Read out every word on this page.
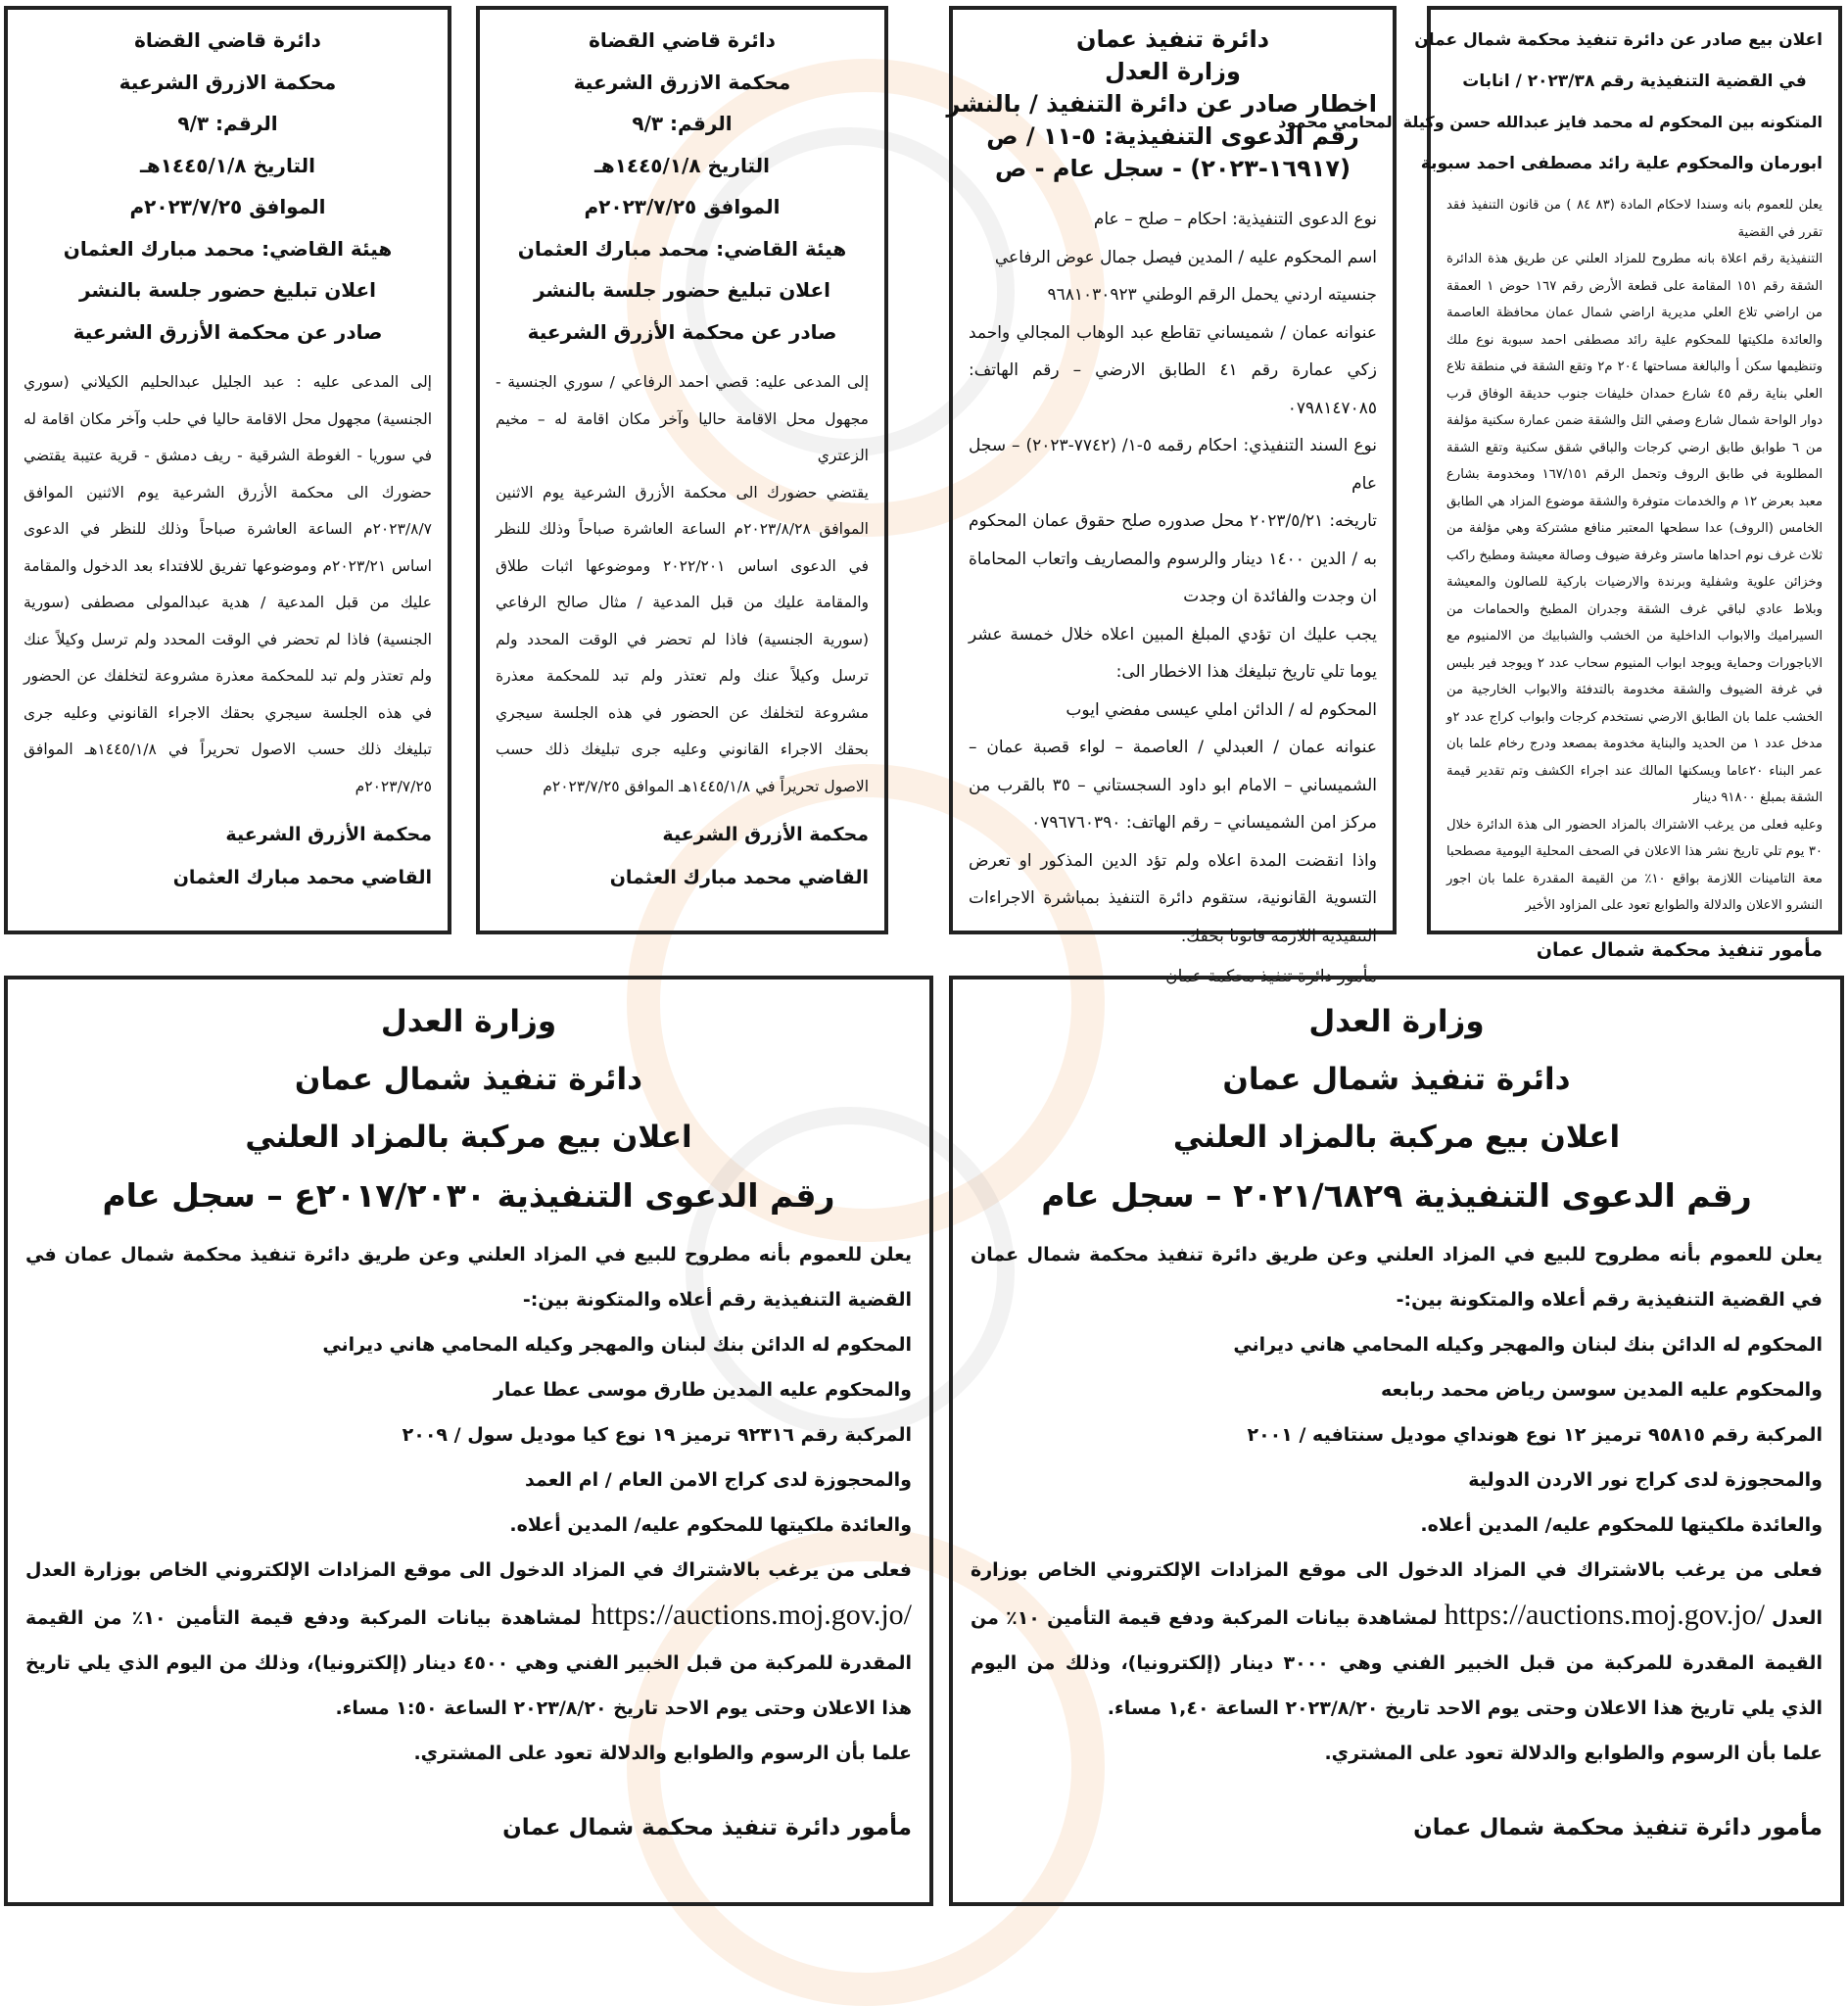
اعلان بيع صادر عن دائرة تنفيذ محكمة شمال عمان
في القضية التنفيذية رقم ٢٠٢٣/٣٨ / انابات
المتكونه بين المحكوم له محمد فايز عبدالله حسن وكيلة المحامي محمود
ابورمان والمحكوم علية رائد مصطفى احمد سبوبة

يعلن للعموم بانه وسندا لاحكام المادة (٨٣ ٨٤ ) من قانون التنفيذ فقد تقرر في القضية

التنفيذية رقم اعلاة بانه مطروح للمزاد العلني عن طريق هذة الدائرة الشقة رقم ١٥١ المقامة على قطعة الأرض رقم ١٦٧ حوض ١ العمقة من اراضي تلاع العلي مديرية اراضي شمال عمان محافظة العاصمة والعائدة ملكيتها للمحكوم علية رائد مصطفى احمد سبوبة نوع ملك وتنظيمها سكن أ والبالغة مساحتها ٢٠٤ م٢ وتقع الشقة في منطقة تلاع العلي بناية رقم ٤٥ شارع حمدان خليفات جنوب حديقة الوفاق قرب دوار الواحة شمال شارع وصفي التل والشقة ضمن عمارة سكنية مؤلفة من ٦ طوابق طابق ارضي كرجات والباقي شقق سكنية وتقع الشقة المطلوبة في طابق الروف وتحمل الرقم ١٦٧/١٥١ ومخدومة بشارع معبد بعرض ١٢ م والخدمات متوفرة والشقة موضوع المزاد هي الطابق الخامس (الروف) عدا سطحها المعتبر منافع مشتركة وهي مؤلفة من ثلاث غرف نوم احداها ماستر وغرفة ضيوف وصالة معيشة ومطبخ راكب وخزائن علوية وشفلية وبرندة والارضيات باركية للصالون والمعيشة وبلاط عادي لباقي غرف الشقة وجدران المطبخ والحمامات من السيراميك والابواب الداخلية من الخشب والشبابيك من الالمنيوم مع الاباجورات وحماية ويوجد ابواب المنيوم سحاب عدد ٢ ويوجد فير بليس في غرفة الضيوف والشقة مخدومة بالتدفئة والابواب الخارجية من الخشب علما بان الطابق الارضي نستخدم كرجات وابواب كراج عدد ٢و مدخل عدد ١ من الحديد والبناية مخدومة بمصعد ودرج رخام علما بان عمر البناء ٢٠عاما ويسكنها المالك عند اجراء الكشف وتم تقدير قيمة الشقة بمبلغ ٩١٨٠٠ دينار

وعليه فعلى من يرغب الاشتراك بالمزاد الحضور الى هذة الدائرة خلال ٣٠ يوم تلي تاريخ نشر هذا الاعلان في الصحف المحلية اليومية مصطحبا معة التامينات اللازمة بواقع ١٠٪ من القيمة المقدرة علما بان اجور النشرو الاعلان والدلالة والطوابع تعود على المزاود الأخير

مأمور تنفيذ محكمة شمال عمان
دائرة تنفيذ عمان
وزارة العدل
اخطار صادر عن دائرة التنفيذ / بالنشر
رقم الدعوى التنفيذية: ٥-١١ / ص
(١٦٩١٧-٢٠٢٣) - سجل عام - ص

نوع الدعوى التنفيذية: احكام – صلح – عام

اسم المحكوم عليه / المدين فيصل جمال عوض الرفاعي

جنسيته اردني يحمل الرقم الوطني ٩٦٨١٠٣٠٩٢٣

عنوانه عمان / شميساني تقاطع عبد الوهاب المجالي واحمد زكي عمارة رقم ٤١ الطابق الارضي – رقم الهاتف: ٠٧٩٨١٤٧٠٨٥

نوع السند التنفيذي: احكام رقمه ٥-١/ (٧٧٤٢-٢٠٢٣) – سجل عام

تاريخه: ٢٠٢٣/٥/٢١ محل صدوره صلح حقوق عمان المحكوم به / الدين ١٤٠٠ دينار والرسوم والمصاريف واتعاب المحاماة ان وجدت والفائدة ان وجدت

يجب عليك ان تؤدي المبلغ المبين اعلاه خلال خمسة عشر يوما تلي تاريخ تبليغك هذا الاخطار الى:

المحكوم له / الدائن املي عيسى مفضي ايوب

عنوانه عمان / العبدلي / العاصمة – لواء قصبة عمان – الشميساني – الامام ابو داود السجستاني – ٣٥ بالقرب من مركز امن الشميساني – رقم الهاتف: ٠٧٩٦٧٦٠٣٩٠

واذا انقضت المدة اعلاه ولم تؤد الدين المذكور او تعرض التسوية القانونية، ستقوم دائرة التنفيذ بمباشرة الاجراءات التنفيذية اللازمة قانونا بحقك.

مأمور دائرة تنفيذ محكمة عمان
دائرة قاضي القضاة
محكمة الازرق الشرعية
الرقم: ٩/٣
التاريخ ١٤٤٥/١/٨هـ
الموافق ٢٠٢٣/٧/٢٥م
هيئة القاضي: محمد مبارك العثمان
اعلان تبليغ حضور جلسة بالنشر
صادر عن محكمة الأزرق الشرعية

إلى المدعى عليه: قصي احمد الرفاعي / سوري الجنسية - مجهول محل الاقامة حاليا وآخر مكان اقامة له – مخيم الزعتري

يقتضي حضورك الى محكمة الأزرق الشرعية يوم الاثنين الموافق ٢٠٢٣/٨/٢٨م الساعة العاشرة صباحاً وذلك للنظر في الدعوى اساس ٢٠٢٢/٢٠١ وموضوعها اثبات طلاق والمقامة عليك من قبل المدعية / مثال صالح الرفاعي (سورية الجنسية) فاذا لم تحضر في الوقت المحدد ولم ترسل وكيلاً عنك ولم تعتذر ولم تبد للمحكمة معذرة مشروعة لتخلفك عن الحضور في هذه الجلسة سيجري بحقك الاجراء القانوني وعليه جرى تبليغك ذلك حسب الاصول تحريراً في ١٤٤٥/١/٨هـ الموافق ٢٠٢٣/٧/٢٥م

محكمة الأزرق الشرعية
القاضي محمد مبارك العثمان
دائرة قاضي القضاة
محكمة الازرق الشرعية
الرقم: ٩/٣
التاريخ ١٤٤٥/١/٨هـ
الموافق ٢٠٢٣/٧/٢٥م
هيئة القاضي: محمد مبارك العثمان
اعلان تبليغ حضور جلسة بالنشر
صادر عن محكمة الأزرق الشرعية

إلى المدعى عليه : عبد الجليل عبدالحليم الكيلاني (سوري الجنسية) مجهول محل الاقامة حاليا في حلب وآخر مكان اقامة له في سوريا - الغوطة الشرقية - ريف دمشق - قرية عتيبة يقتضي حضورك الى محكمة الأزرق الشرعية يوم الاثنين الموافق ٢٠٢٣/٨/٧م الساعة العاشرة صباحاً وذلك للنظر في الدعوى اساس ٢٠٢٣/٢١م وموضوعها تفريق للافتداء بعد الدخول والمقامة عليك من قبل المدعية / هدية عبدالمولى مصطفى (سورية الجنسية) فاذا لم تحضر في الوقت المحدد ولم ترسل وكيلاً عنك ولم تعتذر ولم تبد للمحكمة معذرة مشروعة لتخلفك عن الحضور في هذه الجلسة سيجري بحقك الاجراء القانوني وعليه جرى تبليغك ذلك حسب الاصول تحريراً في ١٤٤٥/١/٨هـ الموافق ٢٠٢٣/٧/٢٥م

محكمة الأزرق الشرعية
القاضي محمد مبارك العثمان
وزارة العدل
دائرة تنفيذ شمال عمان
اعلان بيع مركبة بالمزاد العلني
رقم الدعوى التنفيذية ٢٠٢١/٦٨٢٩ – سجل عام

يعلن للعموم بأنه مطروح للبيع في المزاد العلني وعن طريق دائرة تنفيذ محكمة شمال عمان في القضية التنفيذية رقم أعلاه والمتكونة بين:-

المحكوم له الدائن بنك لبنان والمهجر وكيله المحامي هاني ديراني

والمحكوم عليه المدين سوسن رياض محمد ربابعه

المركبة رقم ٩٥٨١٥ ترميز ١٢ نوع هونداي موديل سنتافيه / ٢٠٠١

والمحجوزة لدى كراج نور الاردن الدولية

والعائدة ملكيتها للمحكوم عليه/ المدين أعلاه.

فعلى من يرغب بالاشتراك في المزاد الدخول الى موقع المزادات الإلكتروني الخاص بوزارة العدل https://auctions.moj.gov.jo/ لمشاهدة بيانات المركبة ودفع قيمة التأمين ١٠٪ من القيمة المقدرة للمركبة من قبل الخبير الفني وهي ٣٠٠٠ دينار (إلكترونيا)، وذلك من اليوم الذي يلي تاريخ هذا الاعلان وحتى يوم الاحد تاريخ ٢٠٢٣/٨/٢٠ الساعة ١,٤٠ مساء.

علما بأن الرسوم والطوابع والدلالة تعود على المشتري.

مأمور دائرة تنفيذ محكمة شمال عمان
وزارة العدل
دائرة تنفيذ شمال عمان
اعلان بيع مركبة بالمزاد العلني
رقم الدعوى التنفيذية ٢٠١٧/٢٠٣٠ع – سجل عام

يعلن للعموم بأنه مطروح للبيع في المزاد العلني وعن طريق دائرة تنفيذ محكمة شمال عمان في القضية التنفيذية رقم أعلاه والمتكونة بين:-

المحكوم له الدائن بنك لبنان والمهجر وكيله المحامي هاني ديراني

والمحكوم عليه المدين طارق موسى عطا عمار

المركبة رقم ٩٢٣١٦ ترميز ١٩ نوع كيا موديل سول / ٢٠٠٩

والمحجوزة لدى كراج الامن العام / ام العمد

والعائدة ملكيتها للمحكوم عليه/ المدين أعلاه.

فعلى من يرغب بالاشتراك في المزاد الدخول الى موقع المزادات الإلكتروني الخاص بوزارة العدل https://auctions.moj.gov.jo/ لمشاهدة بيانات المركبة ودفع قيمة التأمين ١٠٪ من القيمة المقدرة للمركبة من قبل الخبير الفني وهي ٤٥٠٠ دينار (إلكترونيا)، وذلك من اليوم الذي يلي تاريخ هذا الاعلان وحتى يوم الاحد تاريخ ٢٠٢٣/٨/٢٠ الساعة ١:٥٠ مساء.

علما بأن الرسوم والطوابع والدلالة تعود على المشتري.

مأمور دائرة تنفيذ محكمة شمال عمان
